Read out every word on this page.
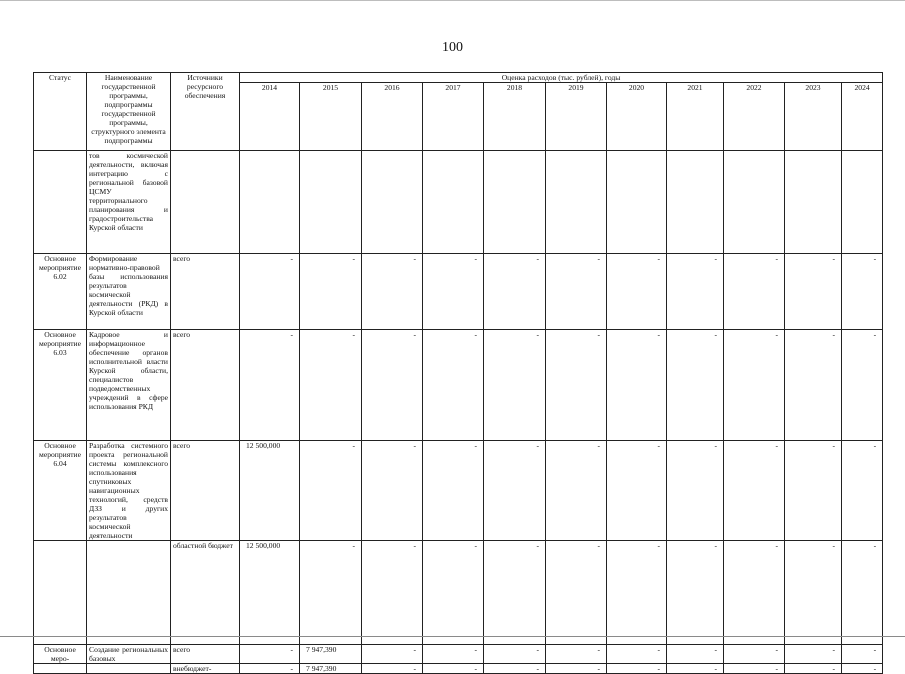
100
Статус	Наименование государственной программы, подпрограммы государственной программы, структурного элемента подпрограммы	Источники ресурсного обеспечения	Оценка расходов (тыс. рублей), годы										
			2014	2015	2016	2017	2018	2019	2020	2021	2022	2023	2024
	тов космической деятельности, включая интеграцию с региональной базовой ЦСМУ территориального планирования и градостроительства Курской области												
Основное мероприятие 6.02	Формирование нормативно-правовой базы использования результатов космической деятельности (РКД) в Курской области	всего	-	-	-	-	-	-	-	-	-	-	-
Основное мероприятие 6.03	Кадровое и информационное обеспечение органов исполнительной власти Курской области, специалистов подведомственных учреждений в сфере использования РКД	всего	-	-	-	-	-	-	-	-	-	-	-
Основное мероприятие 6.04	Разработка системного проекта региональной системы комплексного использования спутниковых навигационных технологий, средств ДЗЗ и других результатов космической деятельности	всего	12 500,000	-	-	-	-	-	-	-	-	-	-
		областной бюджет	12 500,000	-	-	-	-	-	-	-	-	-	-
Основное меро-	Создание региональных базовых	всего	-	7 947,390	-	-	-	-	-	-	-	-	-
		внебюджет-	-	7 947,390	-	-	-	-	-	-	-	-	-
